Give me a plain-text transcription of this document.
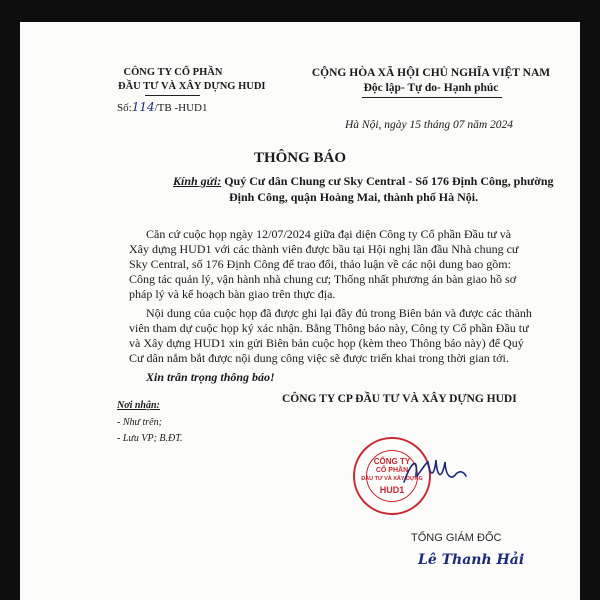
CÔNG TY CỔ PHẦN
ĐẦU TƯ VÀ XÂY DỰNG HUDI
Số:114/TB -HUD1
CỘNG HÒA XÃ HỘI CHỦ NGHĨA VIỆT NAM
Độc lập- Tự do- Hạnh phúc
Hà Nội, ngày 15 tháng 07 năm 2024
THÔNG BÁO
Kính gửi: Quý Cư dân Chung cư Sky Central - Số 176 Định Công, phường
Định Công, quận Hoàng Mai, thành phố Hà Nội.
Căn cứ cuộc họp ngày 12/07/2024 giữa đại diện Công ty Cổ phần Đầu tư và
Xây dựng HUD1 với các thành viên được bầu tại Hội nghị lần đầu Nhà chung cư
Sky Central, số 176 Định Công để trao đổi, thảo luận về các nội dung bao gồm:
Công tác quản lý, vận hành nhà chung cư; Thống nhất phương án bàn giao hồ sơ
pháp lý và kế hoạch bàn giao trên thực địa.
Nội dung của cuộc họp đã được ghi lại đầy đủ trong Biên bản và được các thành
viên tham dự cuộc họp ký xác nhận. Bằng Thông báo này, Công ty Cổ phần Đầu tư
và Xây dựng HUD1 xin gửi Biên bản cuộc họp (kèm theo Thông báo này) để Quý
Cư dân nắm bắt được nội dung công việc sẽ được triển khai trong thời gian tới.
Xin trân trọng thông báo!
Nơi nhận:
- Như trên;
- Lưu VP; B.ĐT.
CÔNG TY CP ĐẦU TƯ VÀ XÂY DỰNG HUDI
CÔNG TY
CỔ PHẦN
ĐẦU TƯ VÀ XÂY DỰNG
HUD1
TỔNG GIÁM ĐỐC
Lê Thanh Hải
